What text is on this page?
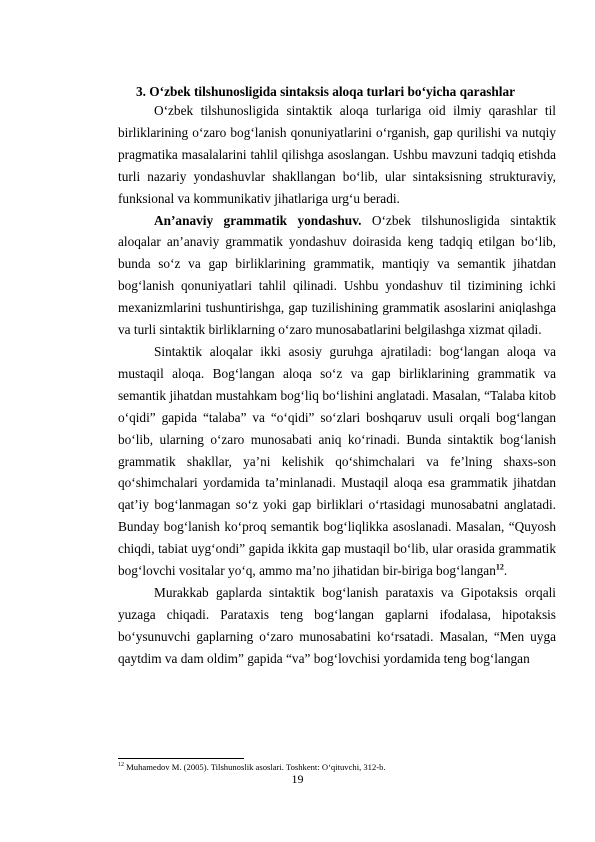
3. O‘zbek tilshunosligida sintaksis aloqa turlari bo‘yicha qarashlar

O‘zbek tilshunosligida sintaktik aloqa turlariga oid ilmiy qarashlar til birliklarining o‘zaro bog‘lanish qonuniyatlarini o‘rganish, gap qurilishi va nutqiy pragmatika masalalarini tahlil qilishga asoslangan. Ushbu mavzuni tadqiq etishda turli nazariy yondashuvlar shakllangan bo‘lib, ular sintaksisning strukturaviy, funksional va kommunikativ jihatlariga urg‘u beradi.

An’anaviy grammatik yondashuv. O‘zbek tilshunosligida sintaktik aloqalar an’anaviy grammatik yondashuv doirasida keng tadqiq etilgan bo‘lib, bunda so‘z va gap birliklarining grammatik, mantiqiy va semantik jihatdan bog‘lanish qonuniyatlari tahlil qilinadi. Ushbu yondashuv til tizimining ichki mexanizmlarini tushuntirishga, gap tuzilishining grammatik asoslarini aniqlashga va turli sintaktik birliklarning o‘zaro munosabatlarini belgilashga xizmat qiladi.

Sintaktik aloqalar ikki asosiy guruhga ajratiladi: bog‘langan aloqa va mustaqil aloqa. Bog‘langan aloqa so‘z va gap birliklarining grammatik va semantik jihatdan mustahkam bog‘liq bo‘lishini anglatadi. Masalan, “Talaba kitob o‘qidi” gapida “talaba” va “o‘qidi” so‘zlari boshqaruv usuli orqali bog‘langan bo‘lib, ularning o‘zaro munosabati aniq ko‘rinadi. Bunda sintaktik bog‘lanish grammatik shakllar, ya’ni kelishik qo‘shimchalari va fe’lning shaxs-son qo‘shimchalari yordamida ta’minlanadi. Mustaqil aloqa esa grammatik jihatdan qat’iy bog‘lanmagan so‘z yoki gap birliklari o‘rtasidagi munosabatni anglatadi. Bunday bog‘lanish ko‘proq semantik bog‘liqlikka asoslanadi. Masalan, “Quyosh chiqdi, tabiat uyg‘ondi” gapida ikkita gap mustaqil bo‘lib, ular orasida grammatik bog‘lovchi vositalar yo‘q, ammo ma’no jihatidan bir-biriga bog‘langan$^{12}$.

Murakkab gaplarda sintaktik bog‘lanish parataxis va Gipotaksis orqali yuzaga chiqadi. Parataxis teng bog‘langan gaplarni ifodalasa, hipotaksis bo‘ysunuvchi gaplarning o‘zaro munosabatini ko‘rsatadi. Masalan, “Men uyga qaytdim va dam oldim” gapida “va” bog‘lovchisi yordamida teng bog‘langan

$^{12}$ Muhamedov M. (2005). Tilshunoslik asoslari. Toshkent: O‘qituvchi, 312-b.
19
